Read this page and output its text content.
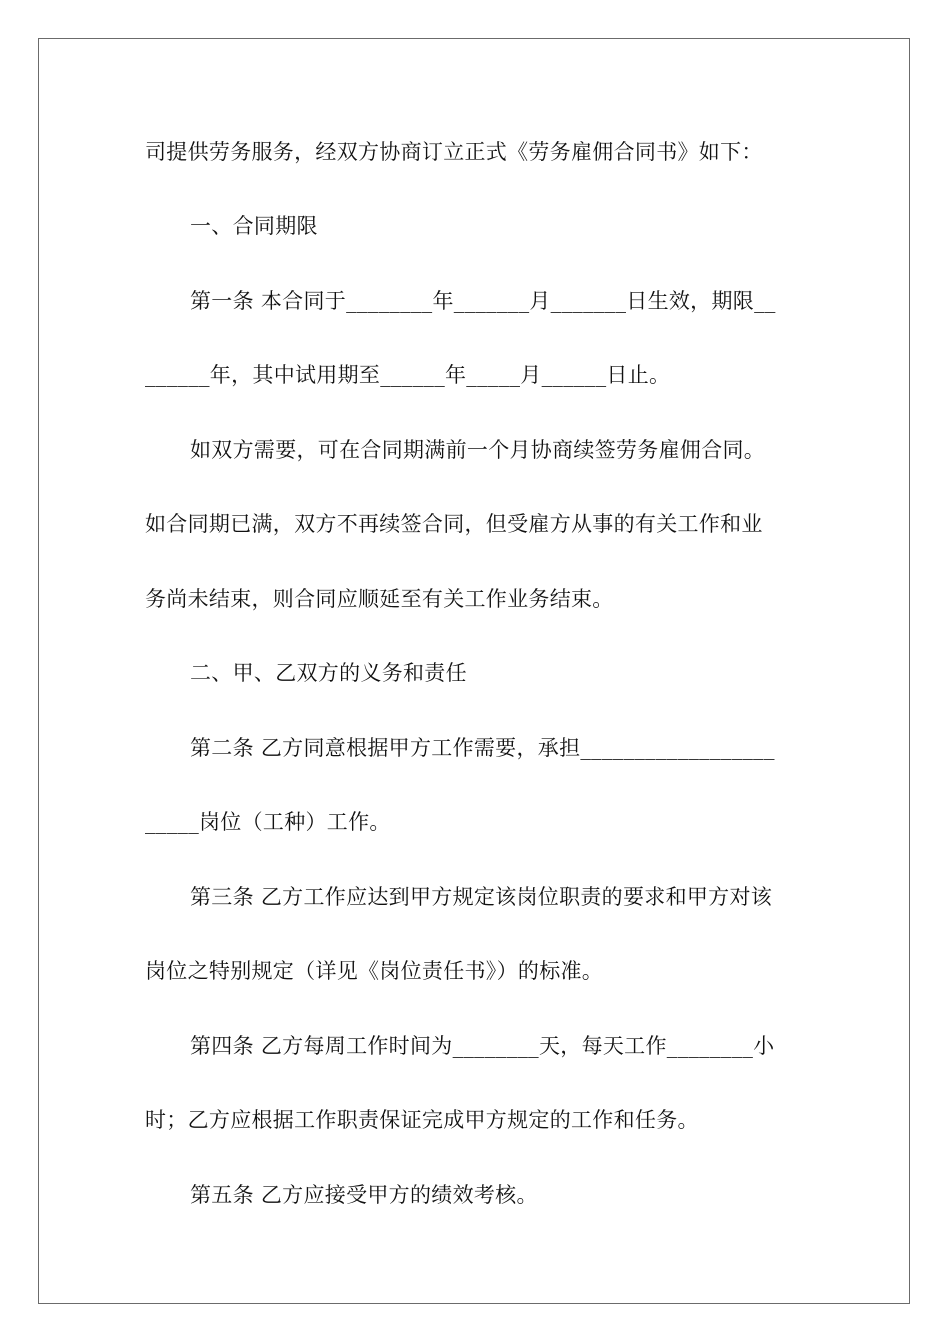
司提供劳务服务，经双方协商订立正式《劳务雇佣合同书》如下：
一、合同期限
第一条 本合同于________年_______月_______日生效，期限__
______年，其中试用期至______年_____月______日止。
如双方需要，可在合同期满前一个月协商续签劳务雇佣合同。
如合同期已满，双方不再续签合同，但受雇方从事的有关工作和业
务尚未结束，则合同应顺延至有关工作业务结束。
二、甲、乙双方的义务和责任
第二条 乙方同意根据甲方工作需要，承担__________________
_____岗位（工种）工作。
第三条 乙方工作应达到甲方规定该岗位职责的要求和甲方对该
岗位之特别规定（详见《岗位责任书》）的标准。
第四条 乙方每周工作时间为________天，每天工作________小
时；乙方应根据工作职责保证完成甲方规定的工作和任务。
第五条 乙方应接受甲方的绩效考核。
